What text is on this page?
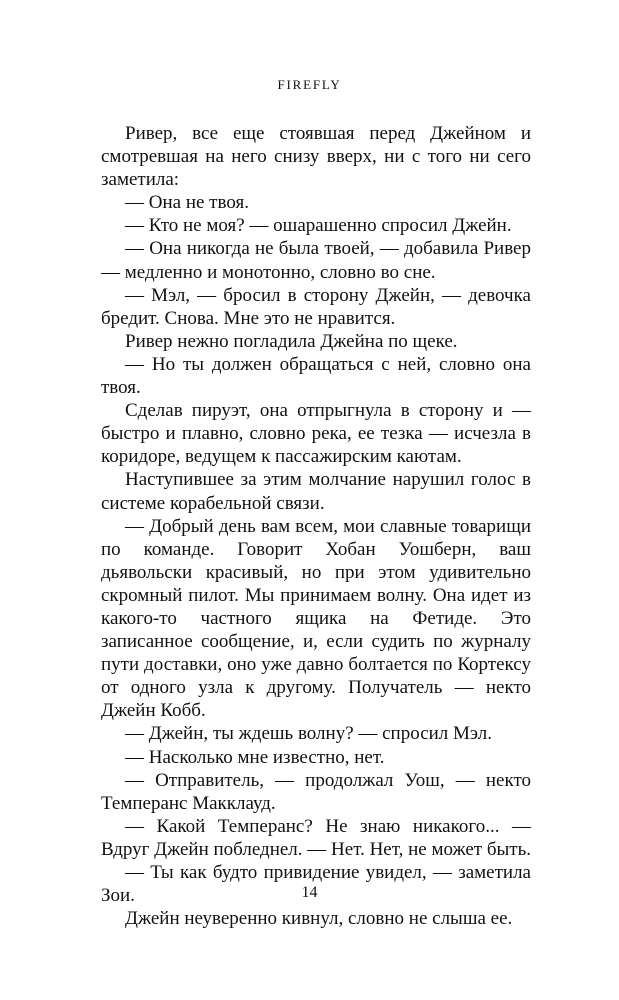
FIREFLY

Ривер, все еще стоявшая перед Джейном и смотревшая на него снизу вверх, ни с того ни сего заметила:

— Она не твоя.

— Кто не моя? — ошарашенно спросил Джейн.

— Она никогда не была твоей, — добавила Ривер — медленно и монотонно, словно во сне.

— Мэл, — бросил в сторону Джейн, — девочка бредит. Снова. Мне это не нравится.

Ривер нежно погладила Джейна по щеке.

— Но ты должен обращаться с ней, словно она твоя.

Сделав пируэт, она отпрыгнула в сторону и — быстро и плавно, словно река, ее тезка — исчезла в коридоре, ведущем к пассажирским каютам.

Наступившее за этим молчание нарушил голос в системе корабельной связи.

— Добрый день вам всем, мои славные товарищи по команде. Говорит Хобан Уошберн, ваш дьявольски красивый, но при этом удивительно скромный пилот. Мы принимаем волну. Она идет из какого-то частного ящика на Фетиде. Это записанное сообщение, и, если судить по журналу пути доставки, оно уже давно болтается по Кортексу от одного узла к другому. Получатель — некто Джейн Кобб.

— Джейн, ты ждешь волну? — спросил Мэл.

— Насколько мне известно, нет.

— Отправитель, — продолжал Уош, — некто Темперанс Макклауд.

— Какой Темперанс? Не знаю никакого... — Вдруг Джейн побледнел. — Нет. Нет, не может быть.

— Ты как будто привидение увидел, — заметила Зои.

Джейн неуверенно кивнул, словно не слыша ее.

14
